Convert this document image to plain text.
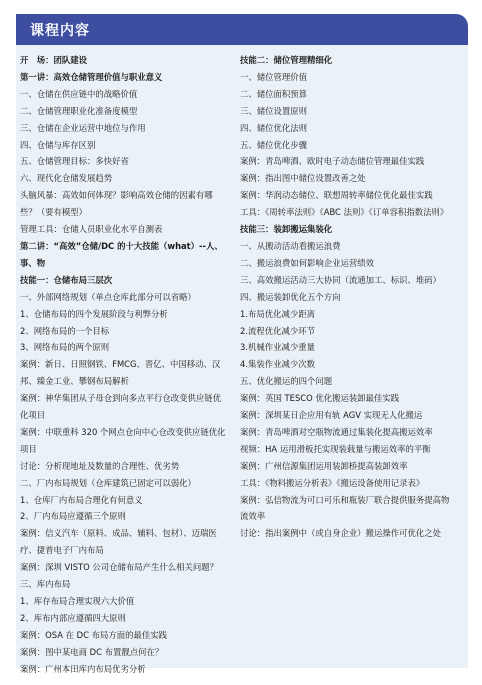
课程内容
开　场：团队建设
第一讲：高效仓储管理价值与职业意义
一、仓储在供应链中的战略价值
二、仓储管理职业化准备度模型
三、仓储在企业运营中地位与作用
四、仓储与库存区别
五、仓储管理目标：多快好省
六、现代化仓储发展趋势
头脑风暴：高效如何体现？影响高效仓储的因素有哪些？（要有模型）
管理工具：仓储人员职业化水平自测表
第二讲：“高效”仓储/DC 的十大技能（what）--人、事、物
技能一：仓储布局三层次
一、外部网络规划（单点仓库此部分可以省略）
1、仓储布局的四个发展阶段与利弊分析
2、网络布局的一个目标
3、网络布局的两个原则
案例：新日、日照钢铁、FMCG、晋亿、中国移动、汉邦、臻金工业、攀钢布局解析
案例：神华集团从子母仓到向多点平行仓改变供应链优化项目
案例：中联重科 320 个网点仓向中心仓改变供应链优化项目
讨论：分析现地址及数量的合理性、优劣势
二、厂内布局规划（仓库建筑已固定可以弱化）
1、仓库厂内布局合理化有何意义
2、厂内布局应遵循三个原则
案例：信义汽车（原料、成品、辅料、包材）、迈瑞医疗、捷普电子厂内布局
案例：深圳 VISTO 公司仓储布局产生什么相关问题？
三、库内布局
1、库存布局合理实现六大价值
2、库布内部应遵循四大原则
案例：OSA 在 DC 布局方面的最佳实践
案例：图中某电商 DC 布置靓点何在？
案例：广州本田库内布局优劣分析
技能二：储位管理精细化
一、储位管理价值
二、储位面积预算
三、储位设置原则
四、储位优化法则
五、储位优化步骤
案例：青岛啤酒、欧时电子动态储位管理最佳实践
案例：指出图中储位设置改善之处
案例：华润动态储位、联想周转率储位优化最佳实践
工具：《周转率法则》《ABC 法则》《订单容积指数法则》
技能三：装卸搬运集装化
一、从搬动活动看搬运浪费
二、搬运浪费如何影响企业运营绩效
三、高效搬运活动三大协同（流通加工、标识、堆码）
四、搬运装卸优化五个方向
1.布局优化减少距离
2.流程优化减少环节
3.机械作业减少重量
4.集装作业减少次数
五、优化搬运的四个问题
案例：英国 TESCO 优化搬运装卸最佳实践
案例：深圳某日企应用有轨 AGV 实现无人化搬运
案例：青岛啤酒对空瓶物流通过集装化提高搬运效率
视频：HA 运用滑板托实现装载量与搬运效率的平衡
案例：广州信源集团运用装卸桥提高装卸效率
工具：《物料搬运分析表》《搬运设备使用记录表》
案例：弘信物流为可口可乐和瓶装厂联合提供服务提高物流效率
讨论：指出案例中（或自身企业）搬运操作可优化之处
